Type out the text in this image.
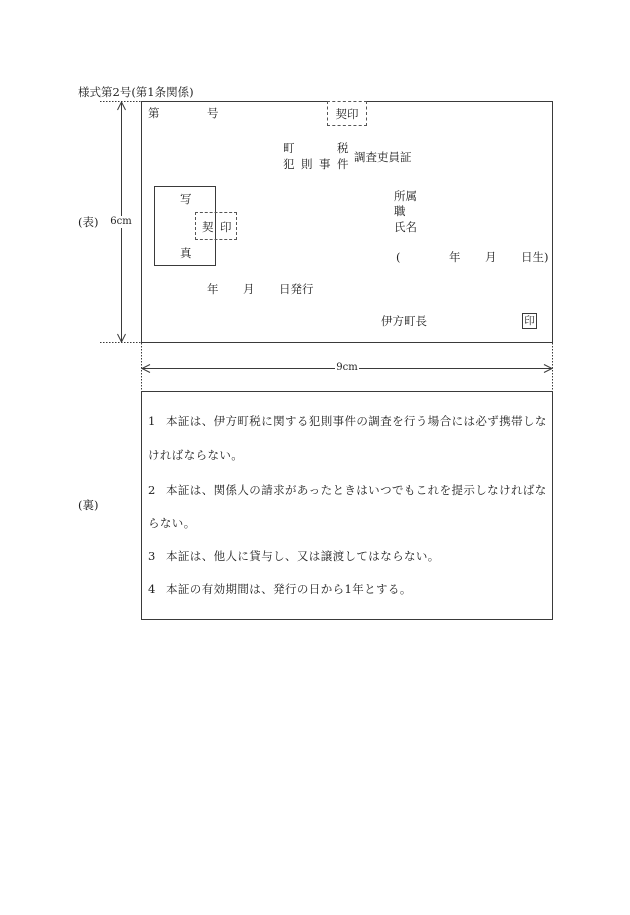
様式第2号(第1条関係)
(表) 6cm
9cm
(裏)
第	号	契印
町税
犯則事件 調査吏員証
写
真
契印
所属
職
氏名
(	年 月 日生)
年 月 日発行
伊方町長	印
1 本証は、伊方町税に関する犯則事件の調査を行う場合には必ず携帯しな
ければならない。
2 本証は、関係人の請求があったときはいつでもこれを提示しなければな
らない。
3 本証は、他人に貸与し、又は譲渡してはならない。
4 本証の有効期間は、発行の日から1年とする。
